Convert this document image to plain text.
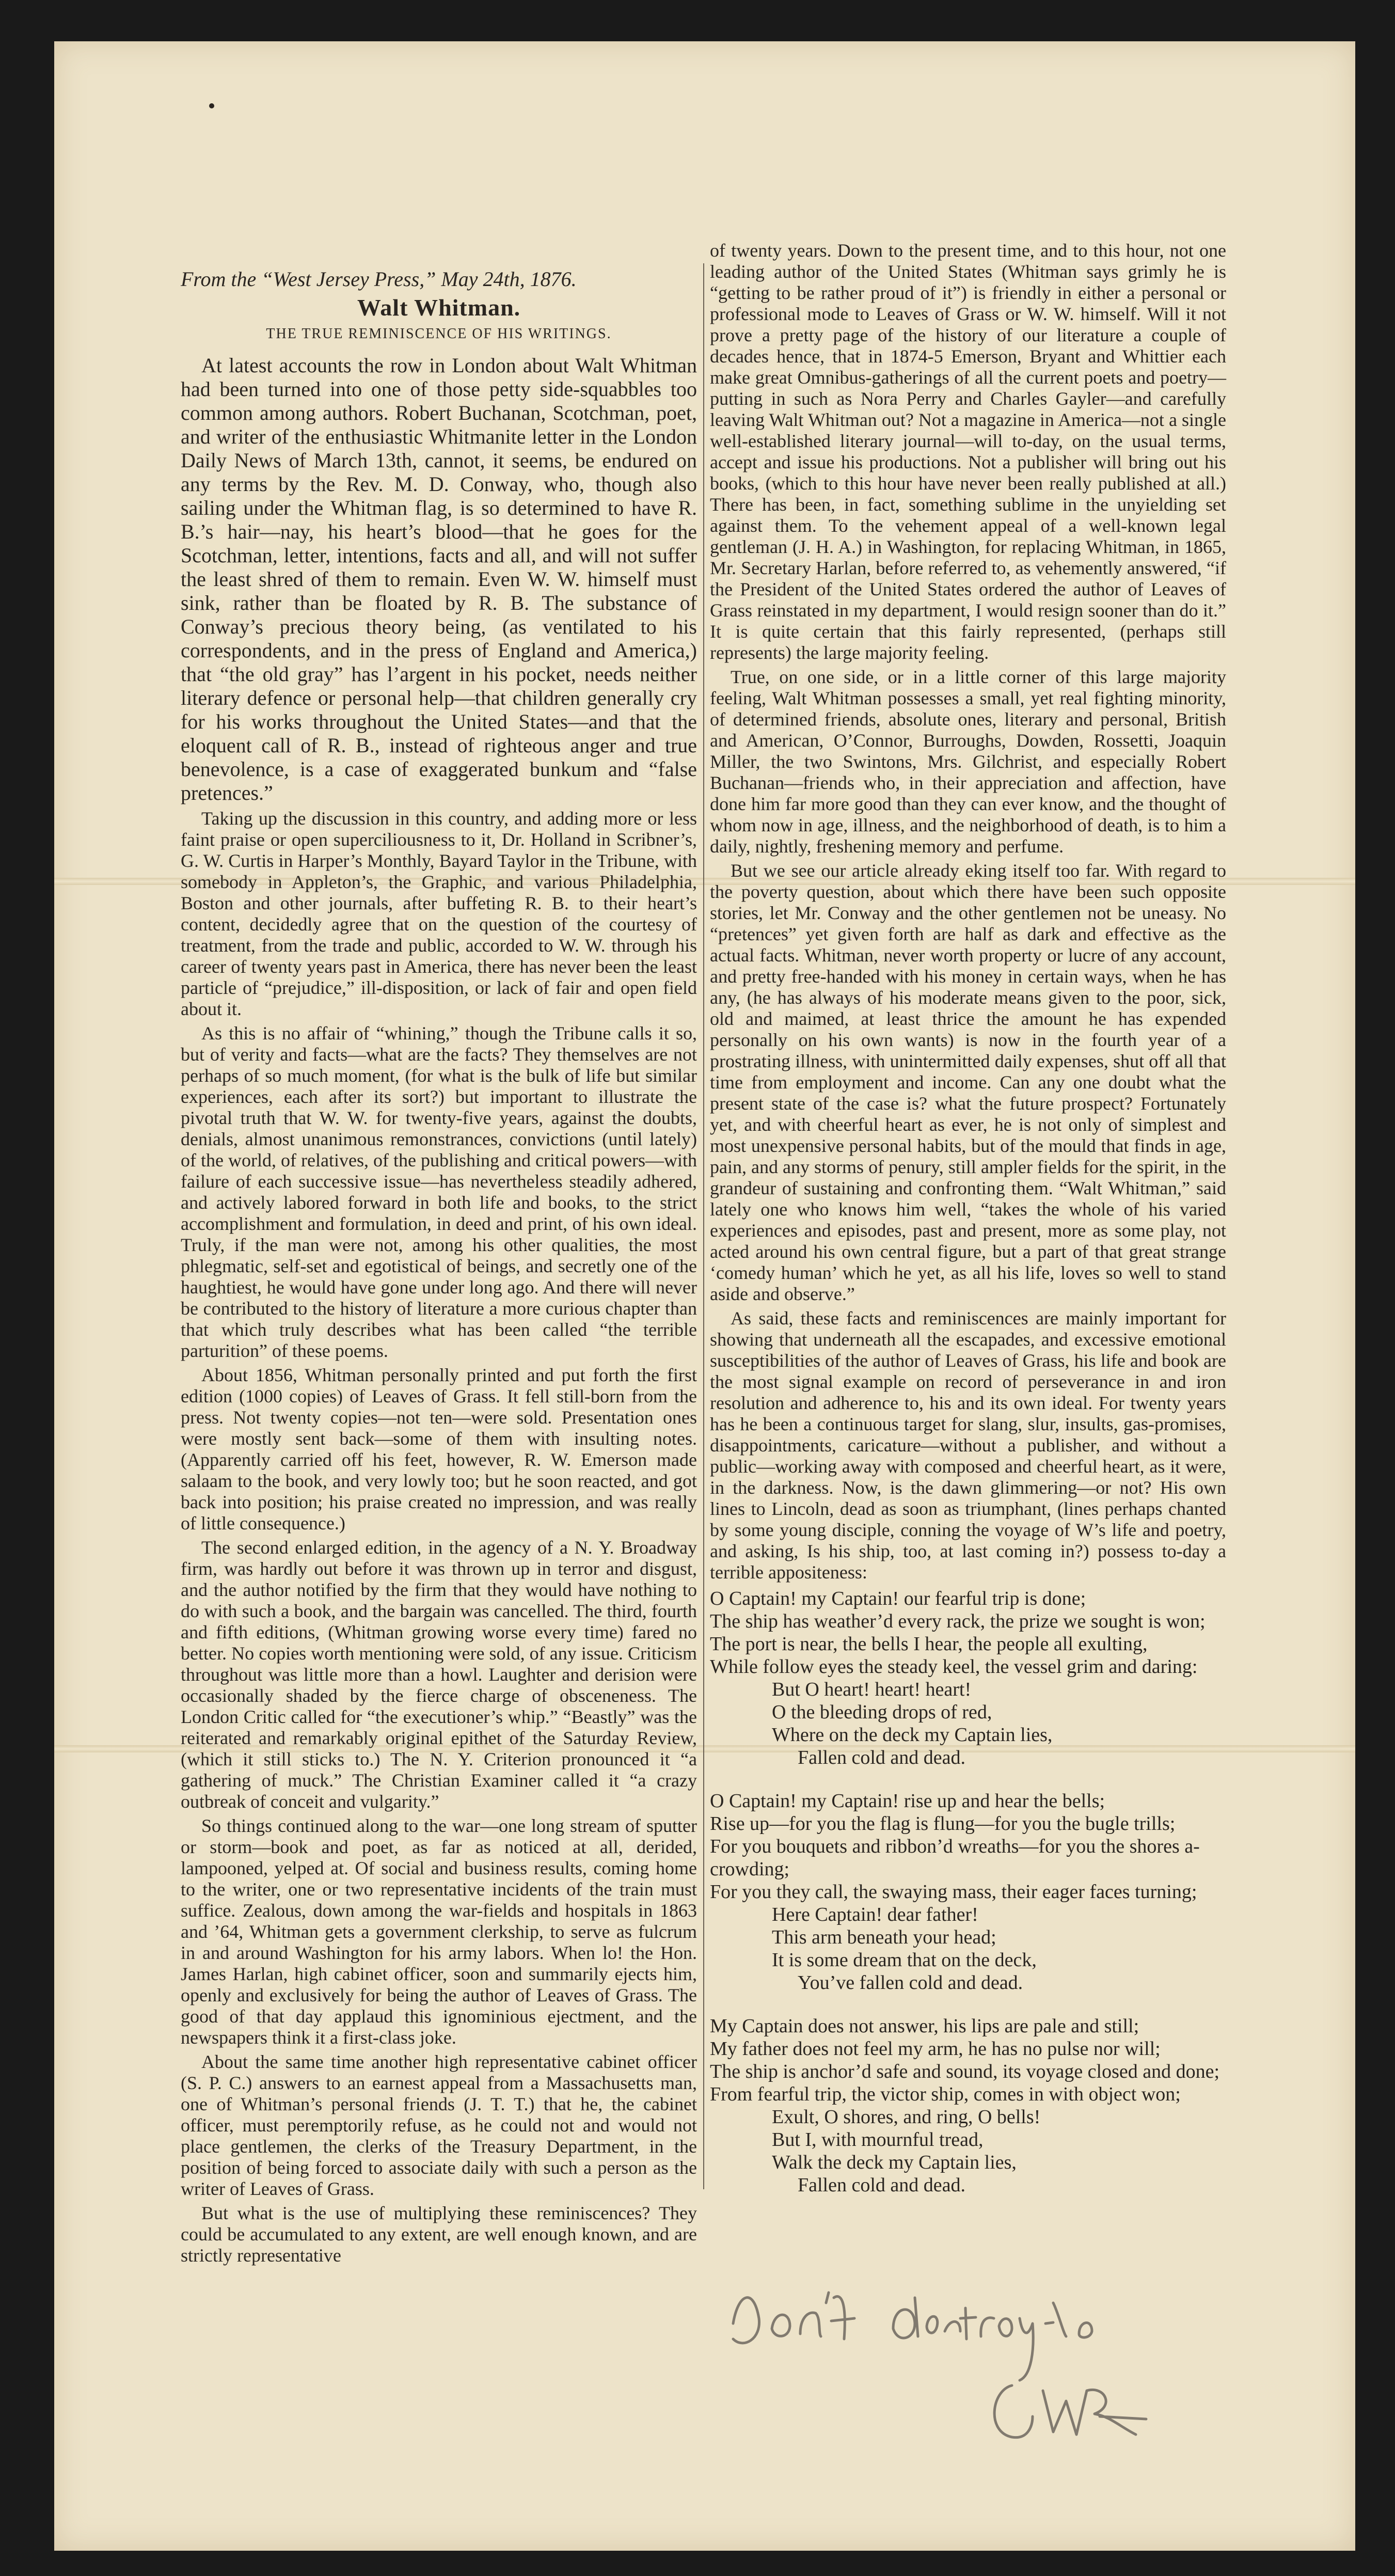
From the “West Jersey Press,” May 24th, 1876.
Walt Whitman.
THE TRUE REMINISCENCE OF HIS WRITINGS.

At latest accounts the row in London about Walt Whitman had been turned into one of those petty side-squabbles too common among authors. Robert Buchanan, Scotchman, poet, and writer of the enthusiastic Whitmanite letter in the London Daily News of March 13th, cannot, it seems, be endured on any terms by the Rev. M. D. Conway, who, though also sailing under the Whitman flag, is so determined to have R. B.’s hair—nay, his heart’s blood—that he goes for the Scotchman, letter, intentions, facts and all, and will not suffer the least shred of them to remain. Even W. W. himself must sink, rather than be floated by R. B. The substance of Conway’s precious theory being, (as ventilated to his correspondents, and in the press of England and America,) that “the old gray” has l’argent in his pocket, needs neither literary defence or personal help—that children generally cry for his works throughout the United States—and that the eloquent call of R. B., instead of righteous anger and true benevolence, is a case of exaggerated bunkum and “false pretences.”

Taking up the discussion in this country, and adding more or less faint praise or open superciliousness to it, Dr. Holland in Scribner’s, G. W. Curtis in Harper’s Monthly, Bayard Taylor in the Tribune, with somebody in Appleton’s, the Graphic, and various Philadelphia, Boston and other journals, after buffeting R. B. to their heart’s content, decidedly agree that on the question of the courtesy of treatment, from the trade and public, accorded to W. W. through his career of twenty years past in America, there has never been the least particle of “prejudice,” ill-disposition, or lack of fair and open field about it.

As this is no affair of “whining,” though the Tribune calls it so, but of verity and facts—what are the facts? They themselves are not perhaps of so much moment, (for what is the bulk of life but similar experiences, each after its sort?) but important to illustrate the pivotal truth that W. W. for twenty-five years, against the doubts, denials, almost unanimous remonstrances, convictions (until lately) of the world, of relatives, of the publishing and critical powers—with failure of each successive issue—has nevertheless steadily adhered, and actively labored forward in both life and books, to the strict accomplishment and formulation, in deed and print, of his own ideal. Truly, if the man were not, among his other qualities, the most phlegmatic, self-set and egotistical of beings, and secretly one of the haughtiest, he would have gone under long ago. And there will never be contributed to the history of literature a more curious chapter than that which truly describes what has been called “the terrible parturition” of these poems.

About 1856, Whitman personally printed and put forth the first edition (1000 copies) of Leaves of Grass. It fell still-born from the press. Not twenty copies—not ten—were sold. Presentation ones were mostly sent back—some of them with insulting notes. (Apparently carried off his feet, however, R. W. Emerson made salaam to the book, and very lowly too; but he soon reacted, and got back into position; his praise created no impression, and was really of little consequence.)

The second enlarged edition, in the agency of a N. Y. Broadway firm, was hardly out before it was thrown up in terror and disgust, and the author notified by the firm that they would have nothing to do with such a book, and the bargain was cancelled. The third, fourth and fifth editions, (Whitman growing worse every time) fared no better. No copies worth mentioning were sold, of any issue. Criticism throughout was little more than a howl. Laughter and derision were occasionally shaded by the fierce charge of obsceneness. The London Critic called for “the executioner’s whip.” “Beastly” was the reiterated and remarkably original epithet of the Saturday Review, (which it still sticks to.) The N. Y. Criterion pronounced it “a gathering of muck.” The Christian Examiner called it “a crazy outbreak of conceit and vulgarity.”

So things continued along to the war—one long stream of sputter or storm—book and poet, as far as noticed at all, derided, lampooned, yelped at. Of social and business results, coming home to the writer, one or two representative incidents of the train must suffice. Zealous, down among the war-fields and hospitals in 1863 and ’64, Whitman gets a government clerkship, to serve as fulcrum in and around Washington for his army labors. When lo! the Hon. James Harlan, high cabinet officer, soon and summarily ejects him, openly and exclusively for being the author of Leaves of Grass. The good of that day applaud this ignominious ejectment, and the newspapers think it a first-class joke.

About the same time another high representative cabinet officer (S. P. C.) answers to an earnest appeal from a Massachusetts man, one of Whitman’s personal friends (J. T. T.) that he, the cabinet officer, must peremptorily refuse, as he could not and would not place gentlemen, the clerks of the Treasury Department, in the position of being forced to associate daily with such a person as the writer of Leaves of Grass.

But what is the use of multiplying these reminiscences? They could be accumulated to any extent, are well enough known, and are strictly representative

of twenty years. Down to the present time, and to this hour, not one leading author of the United States (Whitman says grimly he is “getting to be rather proud of it”) is friendly in either a personal or professional mode to Leaves of Grass or W. W. himself. Will it not prove a pretty page of the history of our literature a couple of decades hence, that in 1874-5 Emerson, Bryant and Whittier each make great Omnibus-gatherings of all the current poets and poetry—putting in such as Nora Perry and Charles Gayler—and carefully leaving Walt Whitman out? Not a magazine in America—not a single well-established literary journal—will to-day, on the usual terms, accept and issue his productions. Not a publisher will bring out his books, (which to this hour have never been really published at all.) There has been, in fact, something sublime in the unyielding set against them. To the vehement appeal of a well-known legal gentleman (J. H. A.) in Washington, for replacing Whitman, in 1865, Mr. Secretary Harlan, before referred to, as vehemently answered, “if the President of the United States ordered the author of Leaves of Grass reinstated in my department, I would resign sooner than do it.” It is quite certain that this fairly represented, (perhaps still represents) the large majority feeling.

True, on one side, or in a little corner of this large majority feeling, Walt Whitman possesses a small, yet real fighting minority, of determined friends, absolute ones, literary and personal, British and American, O’Connor, Burroughs, Dowden, Rossetti, Joaquin Miller, the two Swintons, Mrs. Gilchrist, and especially Robert Buchanan—friends who, in their appreciation and affection, have done him far more good than they can ever know, and the thought of whom now in age, illness, and the neighborhood of death, is to him a daily, nightly, freshening memory and perfume.

But we see our article already eking itself too far. With regard to the poverty question, about which there have been such opposite stories, let Mr. Conway and the other gentlemen not be uneasy. No “pretences” yet given forth are half as dark and effective as the actual facts. Whitman, never worth property or lucre of any account, and pretty free-handed with his money in certain ways, when he has any, (he has always of his moderate means given to the poor, sick, old and maimed, at least thrice the amount he has expended personally on his own wants) is now in the fourth year of a prostrating illness, with unintermitted daily expenses, shut off all that time from employment and income. Can any one doubt what the present state of the case is? what the future prospect? Fortunately yet, and with cheerful heart as ever, he is not only of simplest and most unexpensive personal habits, but of the mould that finds in age, pain, and any storms of penury, still ampler fields for the spirit, in the grandeur of sustaining and confronting them. “Walt Whitman,” said lately one who knows him well, “takes the whole of his varied experiences and episodes, past and present, more as some play, not acted around his own central figure, but a part of that great strange ‘comedy human’ which he yet, as all his life, loves so well to stand aside and observe.”

As said, these facts and reminiscences are mainly important for showing that underneath all the escapades, and excessive emotional susceptibilities of the author of Leaves of Grass, his life and book are the most signal example on record of perseverance in and iron resolution and adherence to, his and its own ideal. For twenty years has he been a continuous target for slang, slur, insults, gas-promises, disappointments, caricature—without a publisher, and without a public—working away with composed and cheerful heart, as it were, in the darkness. Now, is the dawn glimmering—or not? His own lines to Lincoln, dead as soon as triumphant, (lines perhaps chanted by some young disciple, conning the voyage of W’s life and poetry, and asking, Is his ship, too, at last coming in?) possess to-day a terrible appositeness:

O Captain! my Captain! our fearful trip is done;
The ship has weather’d every rack, the prize we sought is won;
The port is near, the bells I hear, the people all exulting,
While follow eyes the steady keel, the vessel grim and daring:
But O heart! heart! heart!
O the bleeding drops of red,
Where on the deck my Captain lies,
Fallen cold and dead.
O Captain! my Captain! rise up and hear the bells;
Rise up—for you the flag is flung—for you the bugle trills;
For you bouquets and ribbon’d wreaths—for you the shores a-crowding;
For you they call, the swaying mass, their eager faces turning;
Here Captain! dear father!
This arm beneath your head;
It is some dream that on the deck,
You’ve fallen cold and dead.
My Captain does not answer, his lips are pale and still;
My father does not feel my arm, he has no pulse nor will;
The ship is anchor’d safe and sound, its voyage closed and done;
From fearful trip, the victor ship, comes in with object won;
Exult, O shores, and ring, O bells!
But I, with mournful tread,
Walk the deck my Captain lies,
Fallen cold and dead.
Don't destroy this.
